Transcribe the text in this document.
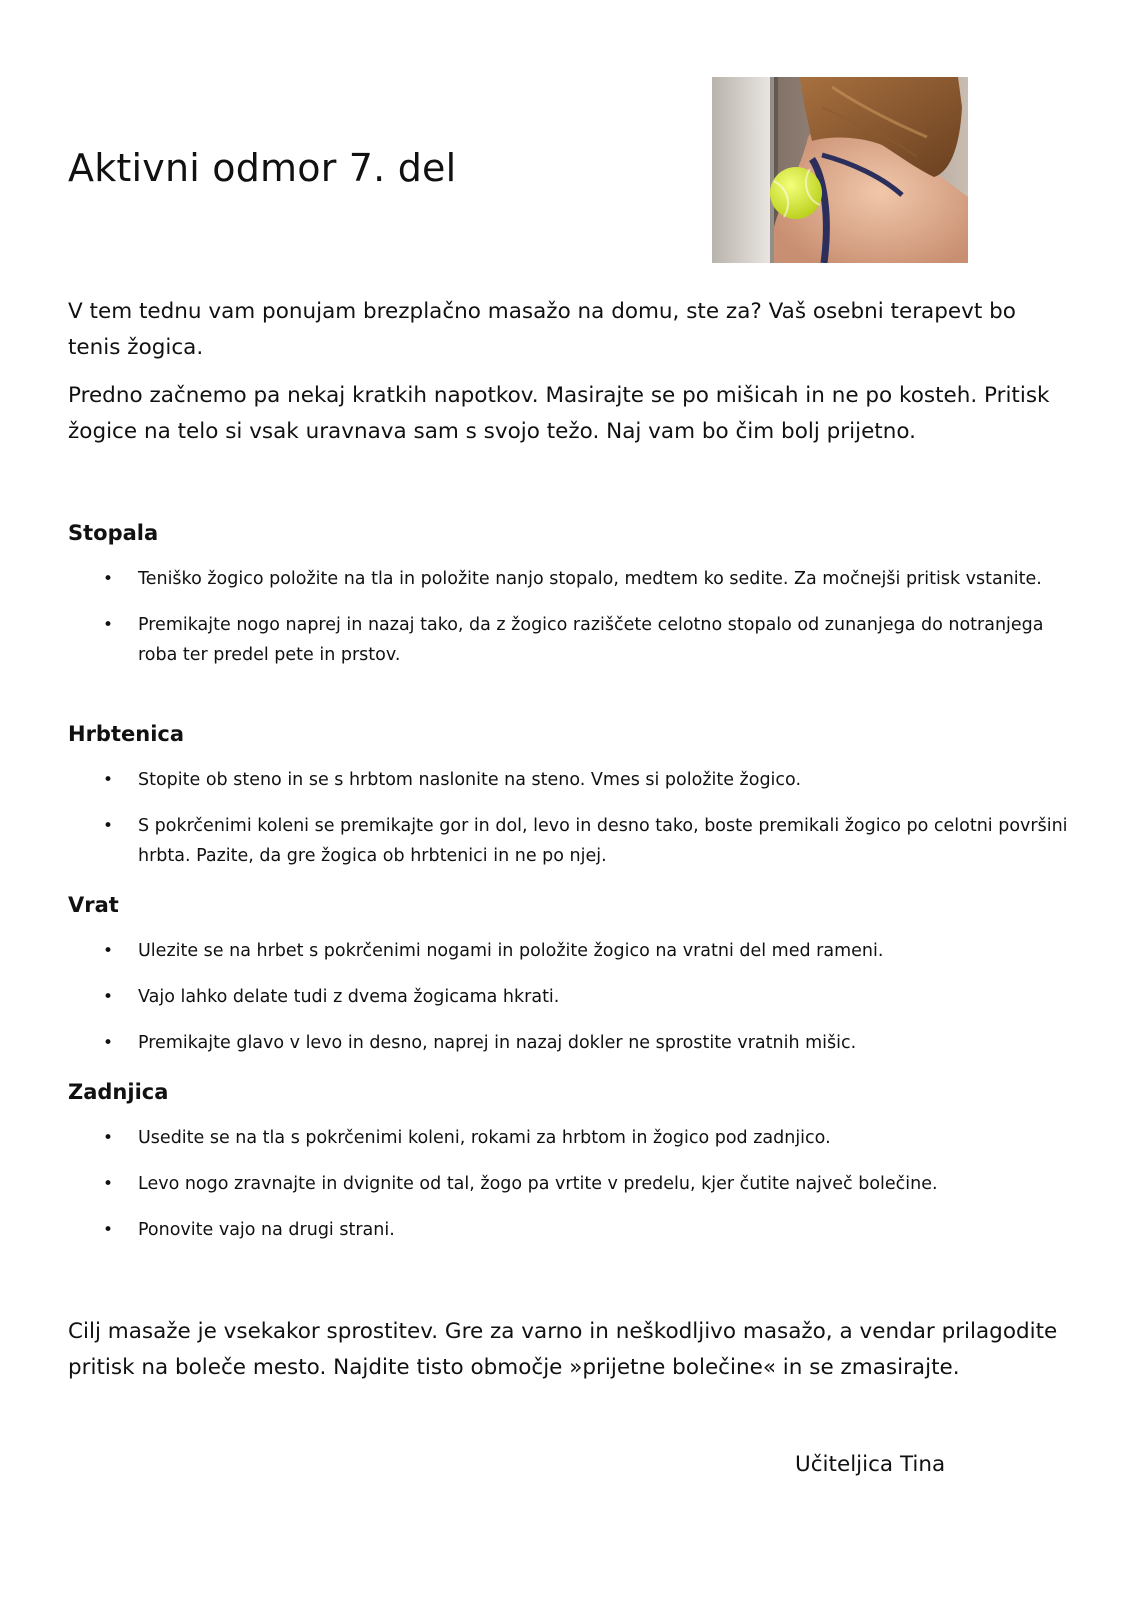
Aktivni odmor 7. del

V tem tednu vam ponujam brezplačno masažo na domu, ste za? Vaš osebni terapevt bo tenis žogica.

Predno začnemo pa nekaj kratkih napotkov. Masirajte se po mišicah in ne po kosteh. Pritisk žogice na telo si vsak uravnava sam s svojo težo. Naj vam bo čim bolj prijetno.

Stopala
• Teniško žogico položite na tla in položite nanjo stopalo, medtem ko sedite. Za močnejši pritisk vstanite.
• Premikajte nogo naprej in nazaj tako, da z žogico raziščete celotno stopalo od zunanjega do notranjega roba ter predel pete in prstov.
Hrbtenica
• Stopite ob steno in se s hrbtom naslonite na steno. Vmes si položite žogico.
• S pokrčenimi koleni se premikajte gor in dol, levo in desno tako, boste premikali žogico po celotni površini hrbta. Pazite, da gre žogica ob hrbtenici in ne po njej.
Vrat
• Ulezite se na hrbet s pokrčenimi nogami in položite žogico na vratni del med rameni.
• Vajo lahko delate tudi z dvema žogicama hkrati.
• Premikajte glavo v levo in desno, naprej in nazaj dokler ne sprostite vratnih mišic.
Zadnjica
• Usedite se na tla s pokrčenimi koleni, rokami za hrbtom in žogico pod zadnjico.
• Levo nogo zravnajte in dvignite od tal, žogo pa vrtite v predelu, kjer čutite največ bolečine.
• Ponovite vajo na drugi strani.

Cilj masaže je vsekakor sprostitev. Gre za varno in neškodljivo masažo, a vendar prilagodite pritisk na boleče mesto. Najdite tisto območje »prijetne bolečine« in se zmasirajte.

Učiteljica Tina
